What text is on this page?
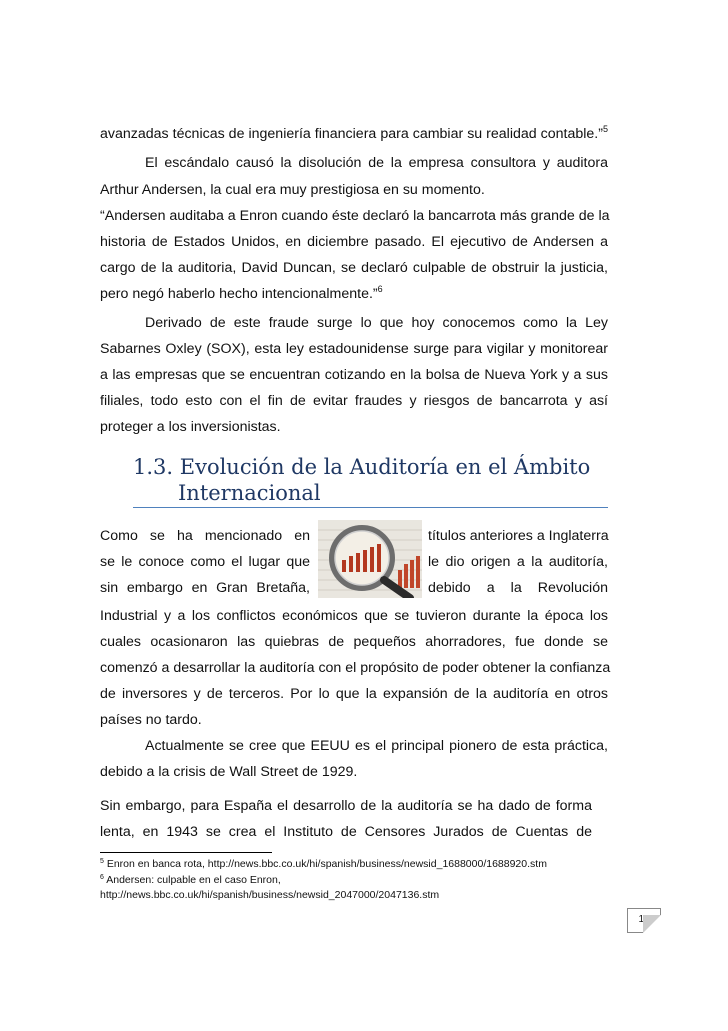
avanzadas técnicas de ingeniería financiera para cambiar su realidad contable.”$^5$
El escándalo causó la disolución de la empresa consultora y auditora
Arthur Andersen, la cual era muy prestigiosa en su momento.
“Andersen auditaba a Enron cuando éste declaró la bancarrota más grande de la
historia de Estados Unidos, en diciembre pasado. El ejecutivo de Andersen a
cargo de la auditoria, David Duncan, se declaró culpable de obstruir la justicia,
pero negó haberlo hecho intencionalmente.”$^6$
Derivado de este fraude surge lo que hoy conocemos como la Ley
Sabarnes Oxley (SOX), esta ley estadounidense surge para vigilar y monitorear
a las empresas que se encuentran cotizando en la bolsa de Nueva York y a sus
filiales, todo esto con el fin de evitar fraudes y riesgos de bancarrota y así
proteger a los inversionistas.
1.3. Evolución de la Auditoría en el Ámbito
Internacional
Como se ha mencionado en
se le conoce como el lugar que
sin embargo en Gran Bretaña,
títulos anteriores a Inglaterra
le dio origen a la auditoría,
debido a la Revolución
Industrial y a los conflictos económicos que se tuvieron durante la época los
cuales ocasionaron las quiebras de pequeños ahorradores, fue donde se
comenzó a desarrollar la auditoría con el propósito de poder obtener la confianza
de inversores y de terceros. Por lo que la expansión de la auditoría en otros
países no tardo.
Actualmente se cree que EEUU es el principal pionero de esta práctica,
debido a la crisis de Wall Street de 1929.
Sin embargo, para España el desarrollo de la auditoría se ha dado de forma
lenta, en 1943 se crea el Instituto de Censores Jurados de Cuentas de
$^5$ Enron en banca rota, http://news.bbc.co.uk/hi/spanish/business/newsid_1688000/1688920.stm
$^6$ Andersen: culpable en el caso Enron,
http://news.bbc.co.uk/hi/spanish/business/newsid_2047000/2047136.stm
14
